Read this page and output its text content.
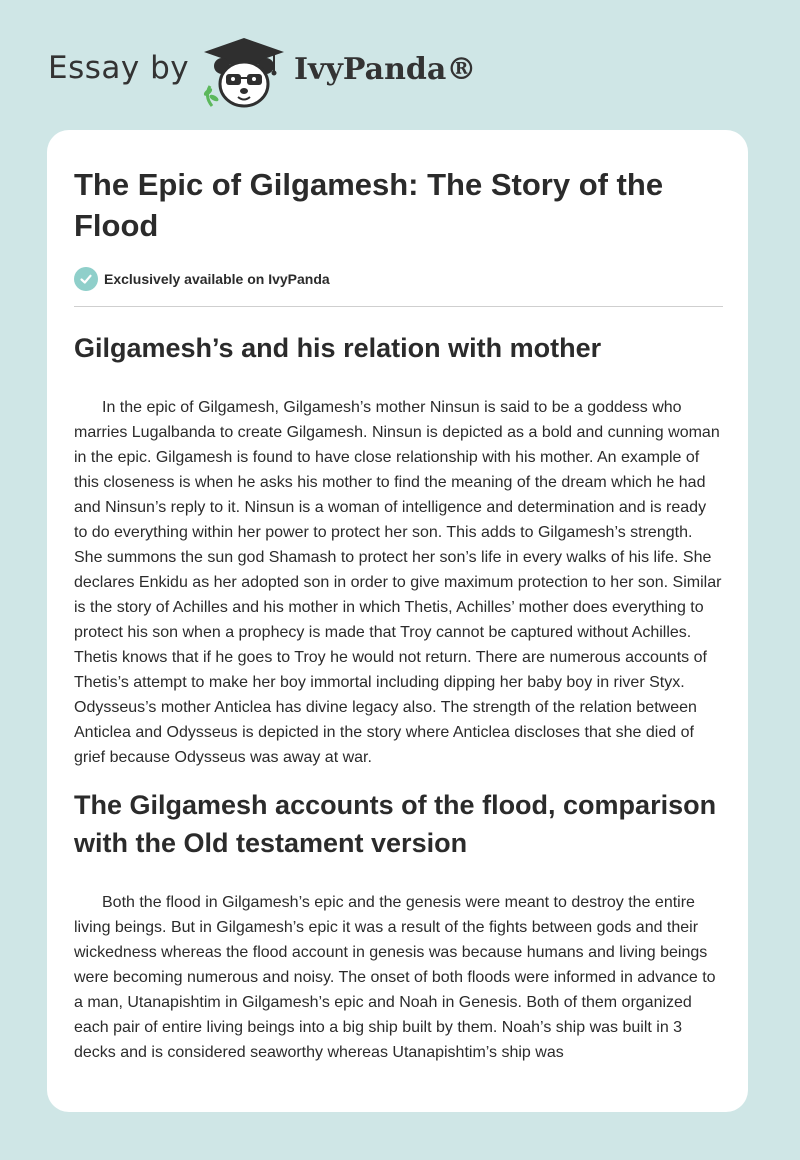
Essay by	IvyPanda®
The Epic of Gilgamesh: The Story of the Flood
Exclusively available on IvyPanda
Gilgamesh’s and his relation with mother

In the epic of Gilgamesh, Gilgamesh’s mother Ninsun is said to be a goddess who marries Lugalbanda to create Gilgamesh. Ninsun is depicted as a bold and cunning woman in the epic. Gilgamesh is found to have close relationship with his mother. An example of this closeness is when he asks his mother to find the meaning of the dream which he had and Ninsun’s reply to it. Ninsun is a woman of intelligence and determination and is ready to do everything within her power to protect her son. This adds to Gilgamesh’s strength. She summons the sun god Shamash to protect her son’s life in every walks of his life. She declares Enkidu as her adopted son in order to give maximum protection to her son. Similar is the story of Achilles and his mother in which Thetis, Achilles’ mother does everything to protect his son when a prophecy is made that Troy cannot be captured without Achilles. Thetis knows that if he goes to Troy he would not return. There are numerous accounts of Thetis’s attempt to make her boy immortal including dipping her baby boy in river Styx. Odysseus’s mother Anticlea has divine legacy also. The strength of the relation between Anticlea and Odysseus is depicted in the story where Anticlea discloses that she died of grief because Odysseus was away at war.

The Gilgamesh accounts of the flood, comparison with the Old testament version

Both the flood in Gilgamesh’s epic and the genesis were meant to destroy the entire living beings. But in Gilgamesh’s epic it was a result of the fights between gods and their wickedness whereas the flood account in genesis was because humans and living beings were becoming numerous and noisy. The onset of both floods were informed in advance to a man, Utanapishtim in Gilgamesh’s epic and Noah in Genesis. Both of them organized each pair of entire living beings into a big ship built by them. Noah’s ship was built in 3 decks and is considered seaworthy whereas Utanapishtim’s ship was
